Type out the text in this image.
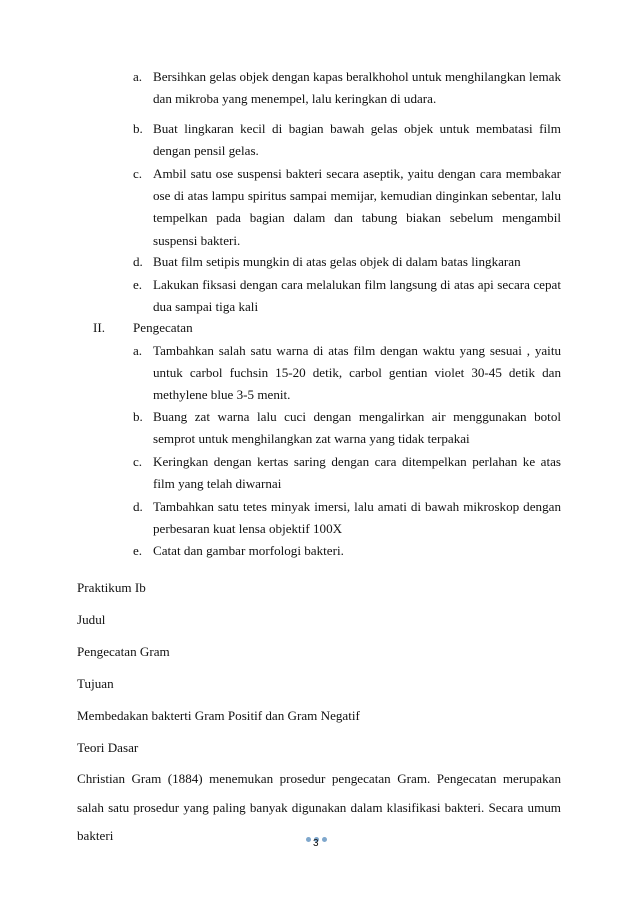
a. Bersihkan gelas objek dengan kapas beralkhohol untuk menghilangkan lemak dan mikroba yang menempel, lalu keringkan di udara.
b. Buat lingkaran kecil di bagian bawah gelas objek untuk membatasi film dengan pensil gelas.
c. Ambil satu ose suspensi bakteri secara aseptik, yaitu dengan cara membakar ose di atas lampu spiritus sampai memijar, kemudian dinginkan sebentar, lalu tempelkan pada bagian dalam dan tabung biakan sebelum mengambil suspensi bakteri.
d. Buat film setipis mungkin di atas gelas objek di dalam batas lingkaran
e. Lakukan fiksasi dengan cara melalukan film langsung di atas api secara cepat dua sampai tiga kali
II. Pengecatan
a. Tambahkan salah satu warna di atas film dengan waktu yang sesuai , yaitu untuk carbol fuchsin 15-20 detik, carbol gentian violet 30-45 detik dan methylene blue 3-5 menit.
b. Buang zat warna lalu cuci dengan mengalirkan air menggunakan botol semprot untuk menghilangkan zat warna yang tidak terpakai
c. Keringkan dengan kertas saring dengan cara ditempelkan perlahan ke atas film yang telah diwarnai
d. Tambahkan satu tetes minyak imersi, lalu amati di bawah mikroskop dengan perbesaran kuat lensa objektif 100X
e. Catat dan gambar morfologi bakteri.
Praktikum Ib
Judul
Pengecatan Gram
Tujuan
Membedakan bakterti Gram Positif dan Gram Negatif
Teori Dasar
Christian Gram (1884) menemukan prosedur pengecatan Gram. Pengecatan merupakan salah satu prosedur yang paling banyak digunakan dalam klasifikasi bakteri. Secara umum bakteri
3
